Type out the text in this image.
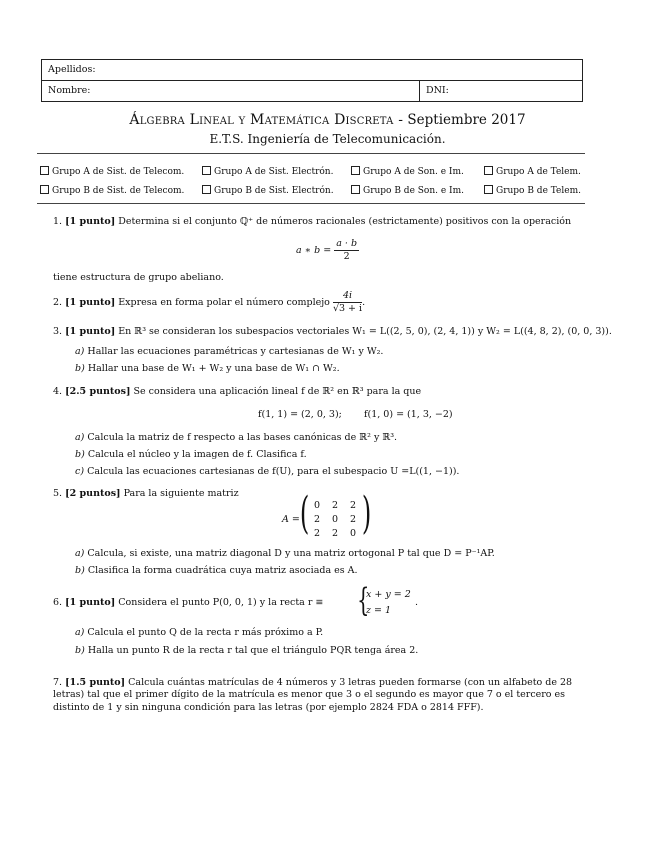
Apellidos:
Nombre:	DNI:
Álgebra Lineal y Matemática Discreta - Septiembre 2017
E.T.S. Ingeniería de Telecomunicación.
Grupo A de Sist. de Telecom.	Grupo A de Sist. Electrón.	Grupo A de Son. e Im.	Grupo A de Telem.
Grupo B de Sist. de Telecom.	Grupo B de Sist. Electrón.	Grupo B de Son. e Im.	Grupo B de Telem.
1. [1 punto] Determina si el conjunto ℚ⁺ de números racionales (estrictamente) positivos con la operación
a ∗ $b = \frac{a \cdot b}{2}$
tiene estructura de grupo abeliano.
2. [1 punto] Expresa en forma polar el número complejo $\frac{4i}{√3 + i}$ .
3. [1 punto] En ℝ³ se consideran los subespacios vectoriales W₁ = L((2, 5, 0), (2, 4, 1)) y W₂ = L((4, 8, 2), (0, 0, 3)).
a) Hallar las ecuaciones paramétricas y cartesianas de W₁ y W₂.
b) Hallar una base de W₁ + W₂ y una base de W₁ ∩ W₂.
4. [2.5 puntos] Se considera una aplicación lineal f de ℝ² en ℝ³ para la que
f(1, 1) = (2, 0, 3); f(1, 0) = (1, 3, −2)
a) Calcula la matriz de f respecto a las bases canónicas de ℝ² y ℝ³.
b) Calcula el núcleo y la imagen de f. Clasifica f.
c) Calcula las ecuaciones cartesianas de f(U), para el subespacio U =L((1, −1)).
5. [2 puntos] Para la siguiente matriz
A = ( )
0 2 2
2 0 2
2 2 0
a) Calcula, si existe, una matriz diagonal D y una matriz ortogonal P tal que D = P⁻¹AP.
b) Clasifica la forma cuadrática cuya matriz asociada es A.
6. [1 punto] Considera el punto P(0, 0, 1) y la recta r ≡ {
x + y = 2
z = 1
.
a) Calcula el punto Q de la recta r más próximo a P.
b) Halla un punto R de la recta r tal que el triángulo PQR tenga área 2.
7. [1.5 punto] Calcula cuántas matrículas de 4 números y 3 letras pueden formarse (con un alfabeto de 28 letras) tal que el primer dígito de la matrícula es menor que 3 o el segundo es mayor que 7 o el tercero es distinto de 1 y sin ninguna condición para las letras (por ejemplo 2824 FDA o 2814 FFF).
